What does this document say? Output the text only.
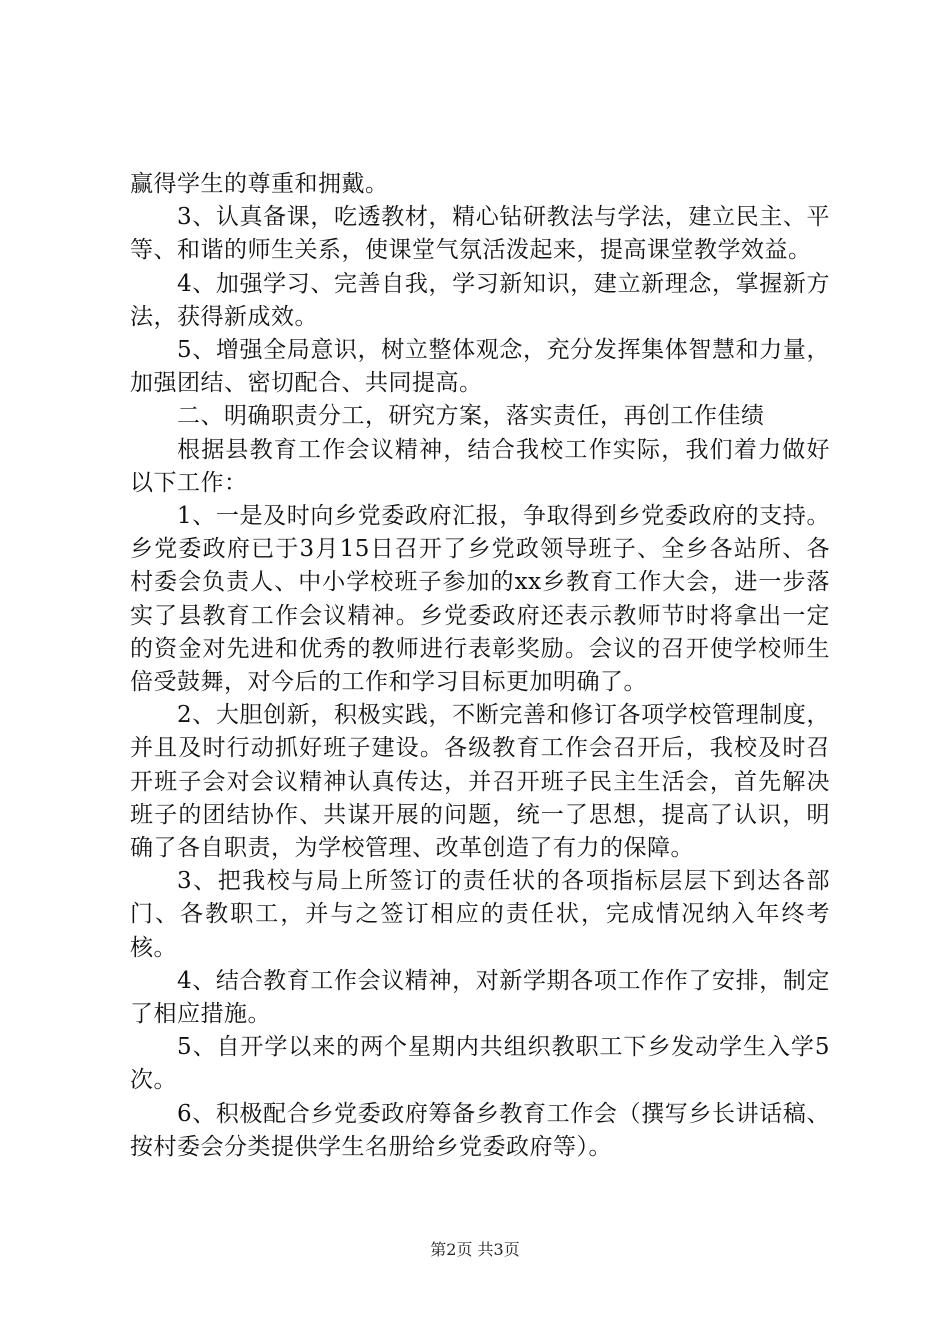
赢得学生的尊重和拥戴。

3、认真备课，吃透教材，精心钻研教法与学法，建立民主、平等、和谐的师生关系，使课堂气氛活泼起来，提高课堂教学效益。

4、加强学习、完善自我，学习新知识，建立新理念，掌握新方法，获得新成效。

5、增强全局意识，树立整体观念，充分发挥集体智慧和力量，加强团结、密切配合、共同提高。

二、明确职责分工，研究方案，落实责任，再创工作佳绩

根据县教育工作会议精神，结合我校工作实际，我们着力做好以下工作：

1、一是及时向乡党委政府汇报，争取得到乡党委政府的支持。乡党委政府已于3月15日召开了乡党政领导班子、全乡各站所、各村委会负责人、中小学校班子参加的xx乡教育工作大会，进一步落实了县教育工作会议精神。乡党委政府还表示教师节时将拿出一定的资金对先进和优秀的教师进行表彰奖励。会议的召开使学校师生倍受鼓舞，对今后的工作和学习目标更加明确了。

2、大胆创新，积极实践，不断完善和修订各项学校管理制度，并且及时行动抓好班子建设。各级教育工作会召开后，我校及时召开班子会对会议精神认真传达，并召开班子民主生活会，首先解决班子的团结协作、共谋开展的问题，统一了思想，提高了认识，明确了各自职责，为学校管理、改革创造了有力的保障。

3、把我校与局上所签订的责任状的各项指标层层下到达各部门、各教职工，并与之签订相应的责任状，完成情况纳入年终考核。

4、结合教育工作会议精神，对新学期各项工作作了安排，制定了相应措施。

5、自开学以来的两个星期内共组织教职工下乡发动学生入学5次。

6、积极配合乡党委政府筹备乡教育工作会（撰写乡长讲话稿、按村委会分类提供学生名册给乡党委政府等）。

第2页 共3页
